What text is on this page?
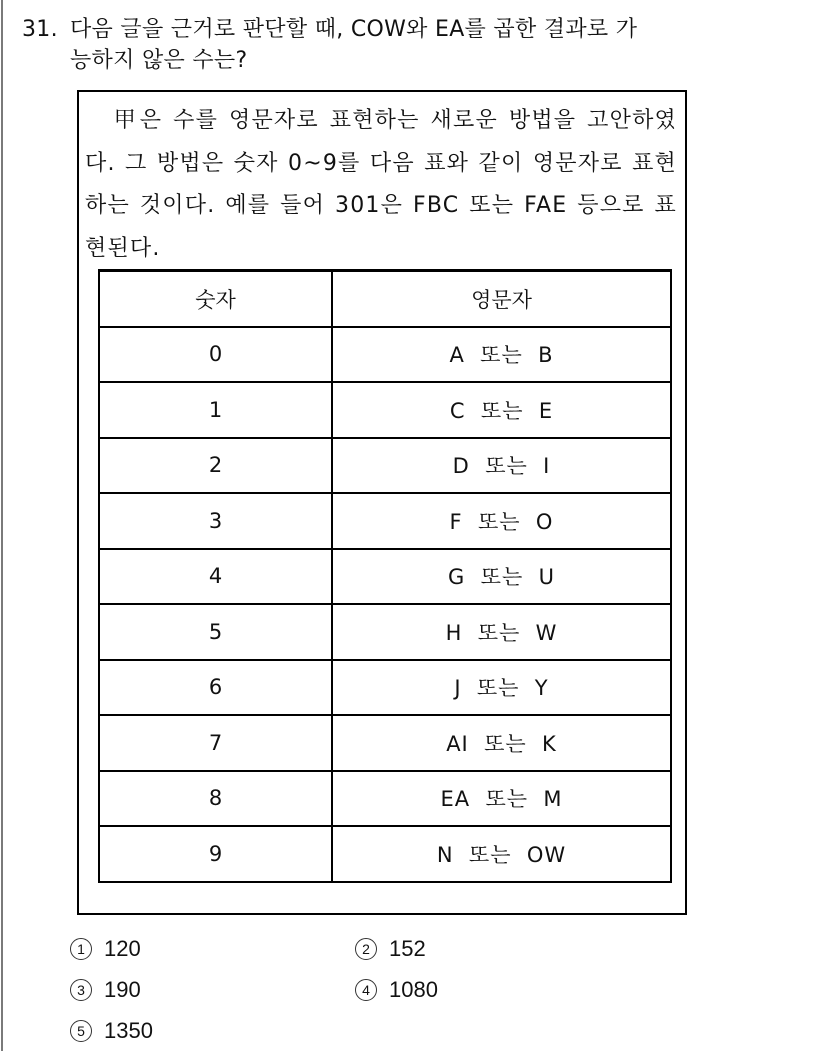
31. 다음 글을 근거로 판단할 때, COW와 EA를 곱한 결과로 가
능하지 않은 수는?
甲은 수를 영문자로 표현하는 새로운 방법을 고안하였다. 그 방법은 숫자 0~9를 다음 표와 같이 영문자로 표현하는 것이다. 예를 들어 301은 FBC 또는 FAE 등으로 표현된다.
숫자	영문자
0	A  또는  B
1	C  또는  E
2	D  또는  I
3	F  또는  O
4	G  또는  U
5	H  또는  W
6	J  또는  Y
7	AI  또는  K
8	EA  또는  M
9	N  또는  OW
1 120	2 152
3 190	4 1080
5 1350
